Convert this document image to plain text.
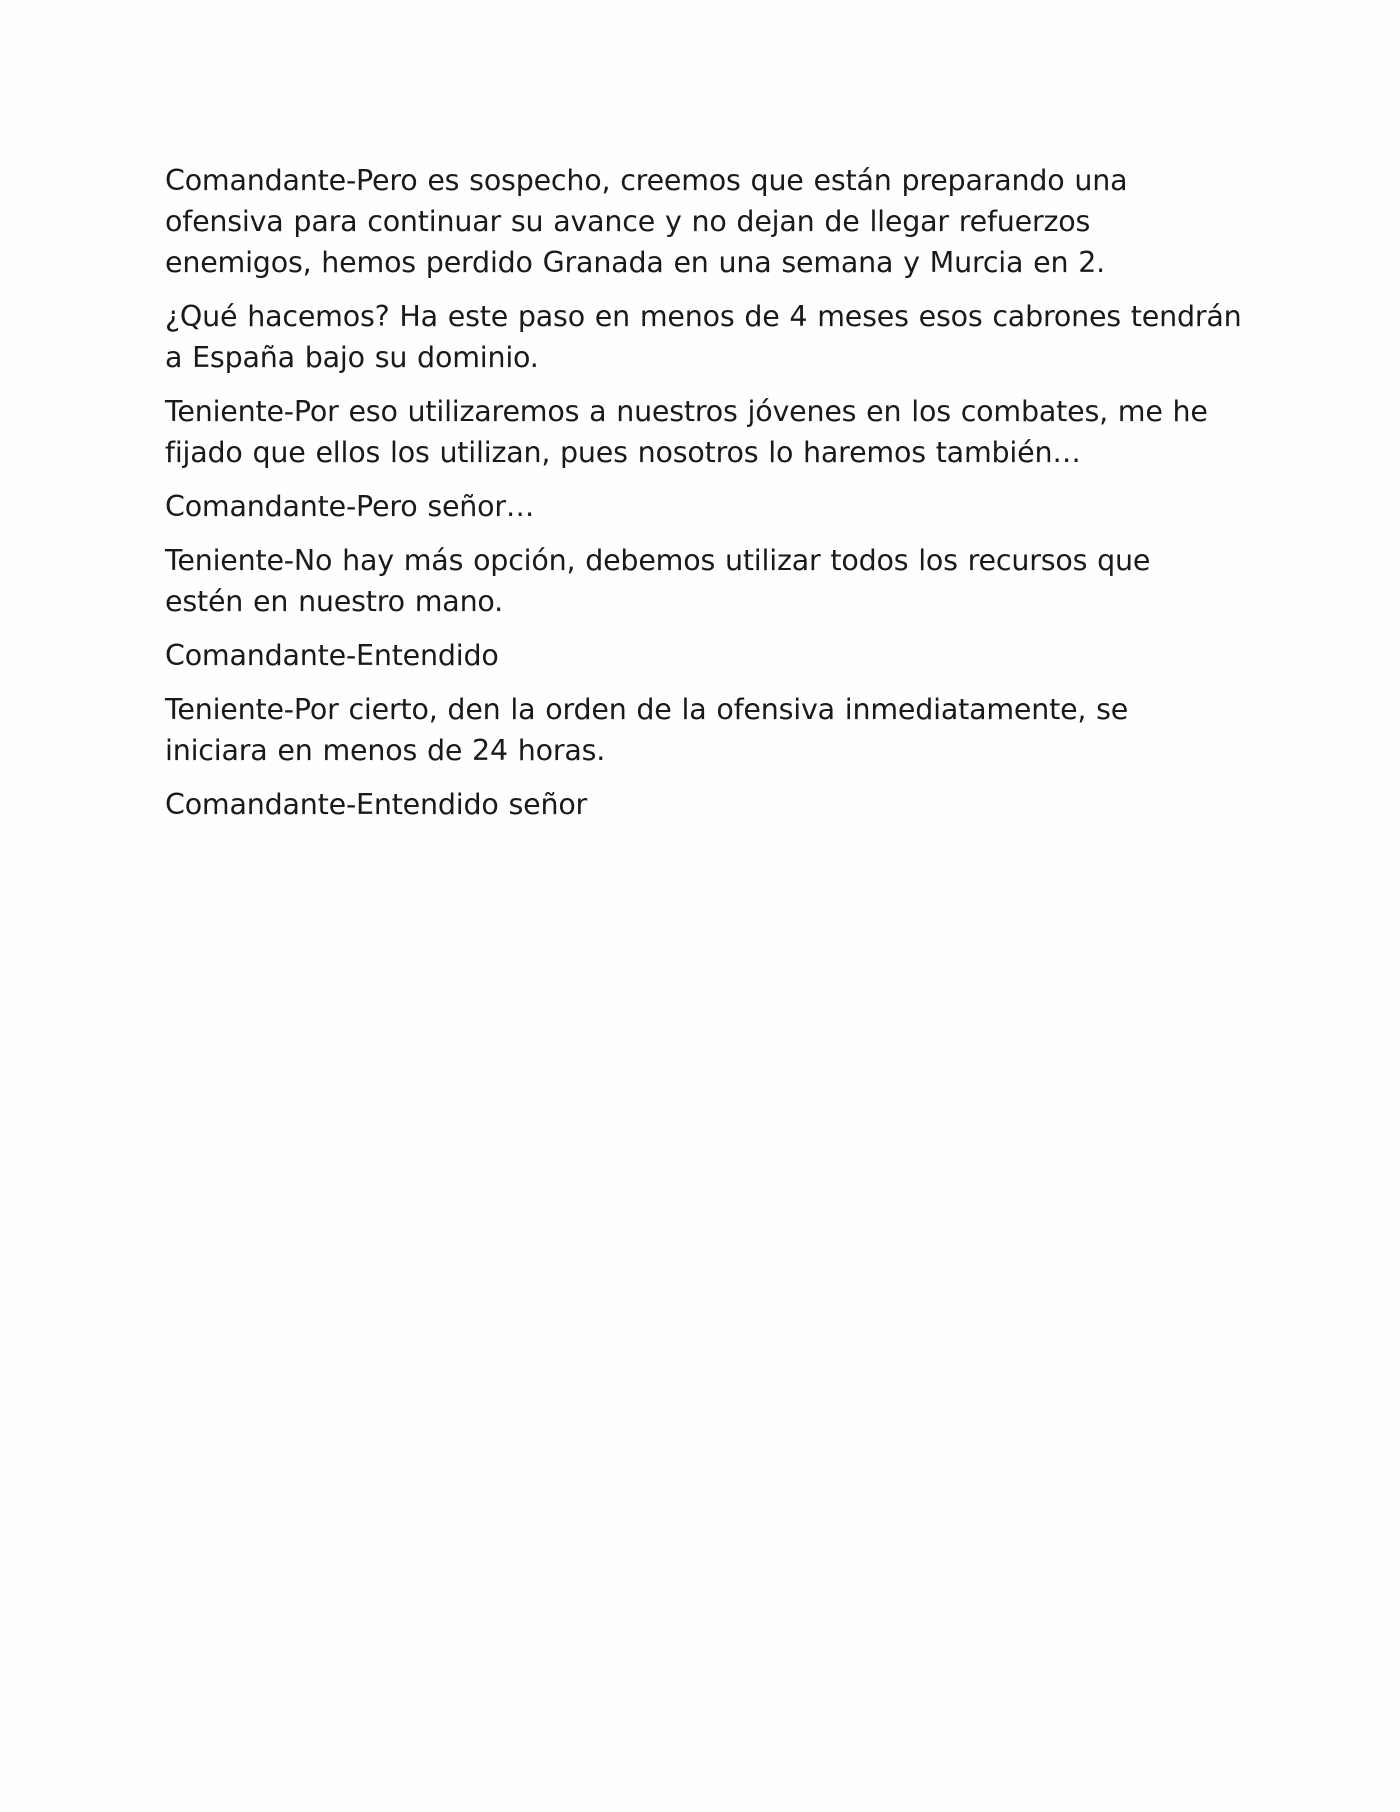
Comandante-Pero es sospecho, creemos que están preparando una
ofensiva para continuar su avance y no dejan de llegar refuerzos
enemigos, hemos perdido Granada en una semana y Murcia en 2.

¿Qué hacemos? Ha este paso en menos de 4 meses esos cabrones tendrán
a España bajo su dominio.

Teniente-Por eso utilizaremos a nuestros jóvenes en los combates, me he
fijado que ellos los utilizan, pues nosotros lo haremos también…

Comandante-Pero señor…

Teniente-No hay más opción, debemos utilizar todos los recursos que
estén en nuestro mano.

Comandante-Entendido

Teniente-Por cierto, den la orden de la ofensiva inmediatamente, se
iniciara en menos de 24 horas.

Comandante-Entendido señor
